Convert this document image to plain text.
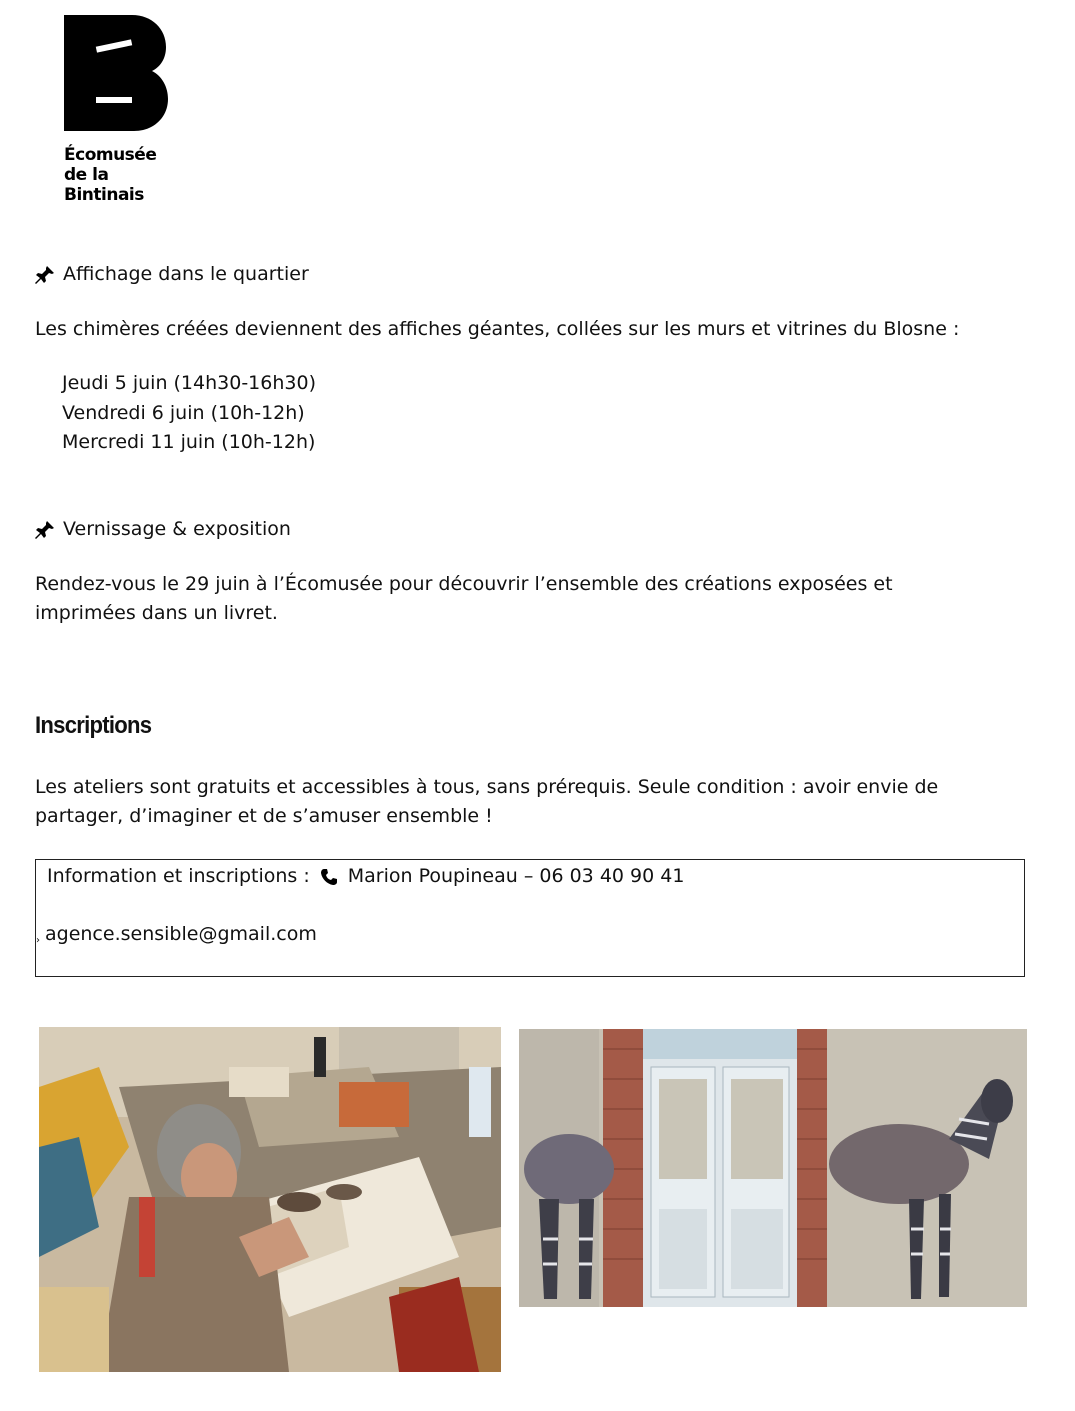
Écomusée
de la
Bintinais
Affichage dans le quartier
Les chimères créées deviennent des affiches géantes, collées sur les murs et vitrines du Blosne :
Jeudi 5 juin (14h30-16h30)
Vendredi 6 juin (10h-12h)
Mercredi 11 juin (10h-12h)
Vernissage & exposition
Rendez-vous le 29 juin à l’Écomusée pour découvrir l’ensemble des créations exposées et
imprimées dans un livret.
Inscriptions
Les ateliers sont gratuits et accessibles à tous, sans prérequis. Seule condition : avoir envie de
partager, d’imaginer et de s’amuser ensemble !
Information et inscriptions : Marion Poupineau – 06 03 40 90 41
› agence.sensible@gmail.com
